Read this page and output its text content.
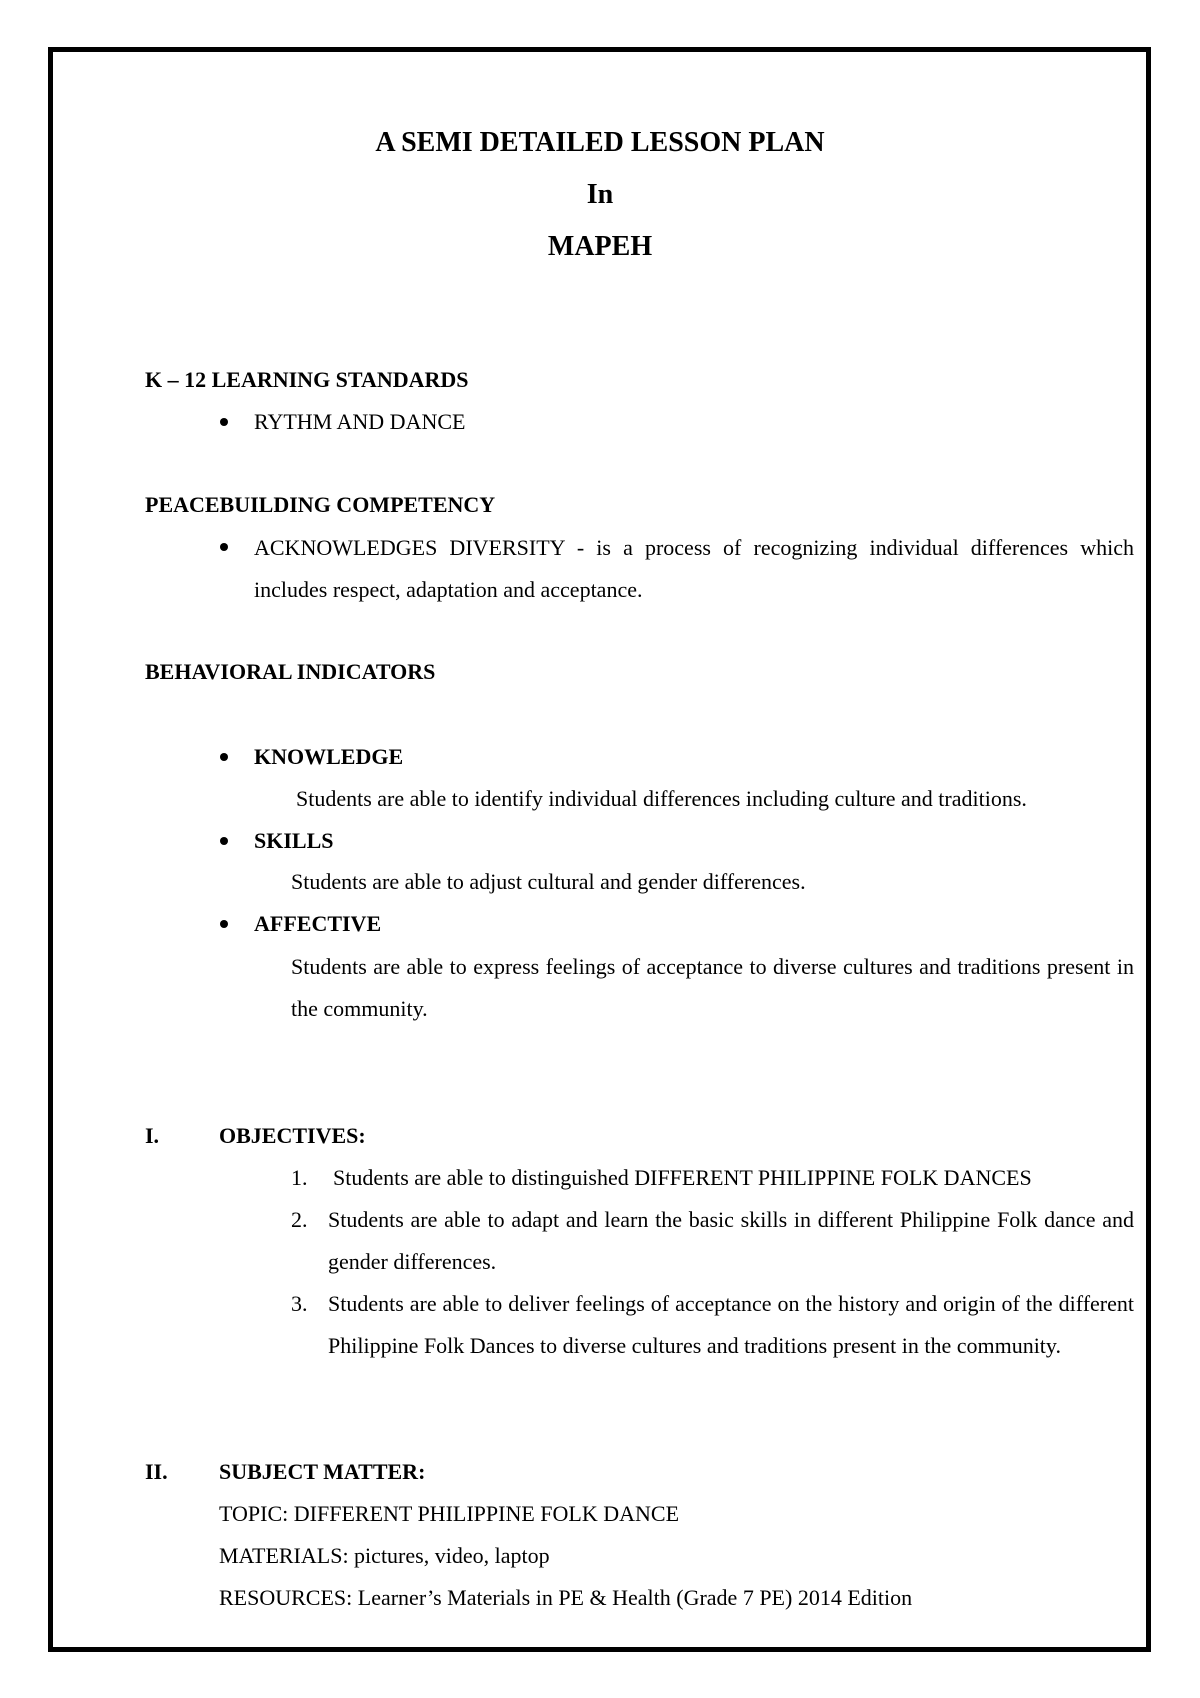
A SEMI DETAILED LESSON PLAN
In
MAPEH
K – 12 LEARNING STANDARDS
RYTHM AND DANCE
PEACEBUILDING COMPETENCY
ACKNOWLEDGES DIVERSITY - is a process of recognizing individual differences which includes respect, adaptation and acceptance.
BEHAVIORAL INDICATORS
KNOWLEDGE
Students are able to identify individual differences including culture and traditions.
SKILLS
Students are able to adjust cultural and gender differences.
AFFECTIVE
Students are able to express feelings of acceptance to diverse cultures and traditions present in the community.
I.	OBJECTIVES:
1. Students are able to distinguished DIFFERENT PHILIPPINE FOLK DANCES
2. Students are able to adapt and learn the basic skills in different Philippine Folk dance and gender differences.
3. Students are able to deliver feelings of acceptance on the history and origin of the different Philippine Folk Dances to diverse cultures and traditions present in the community.
II. SUBJECT MATTER:
TOPIC: DIFFERENT PHILIPPINE FOLK DANCE
MATERIALS: pictures, video, laptop
RESOURCES: Learner’s Materials in PE & Health (Grade 7 PE) 2014 Edition
